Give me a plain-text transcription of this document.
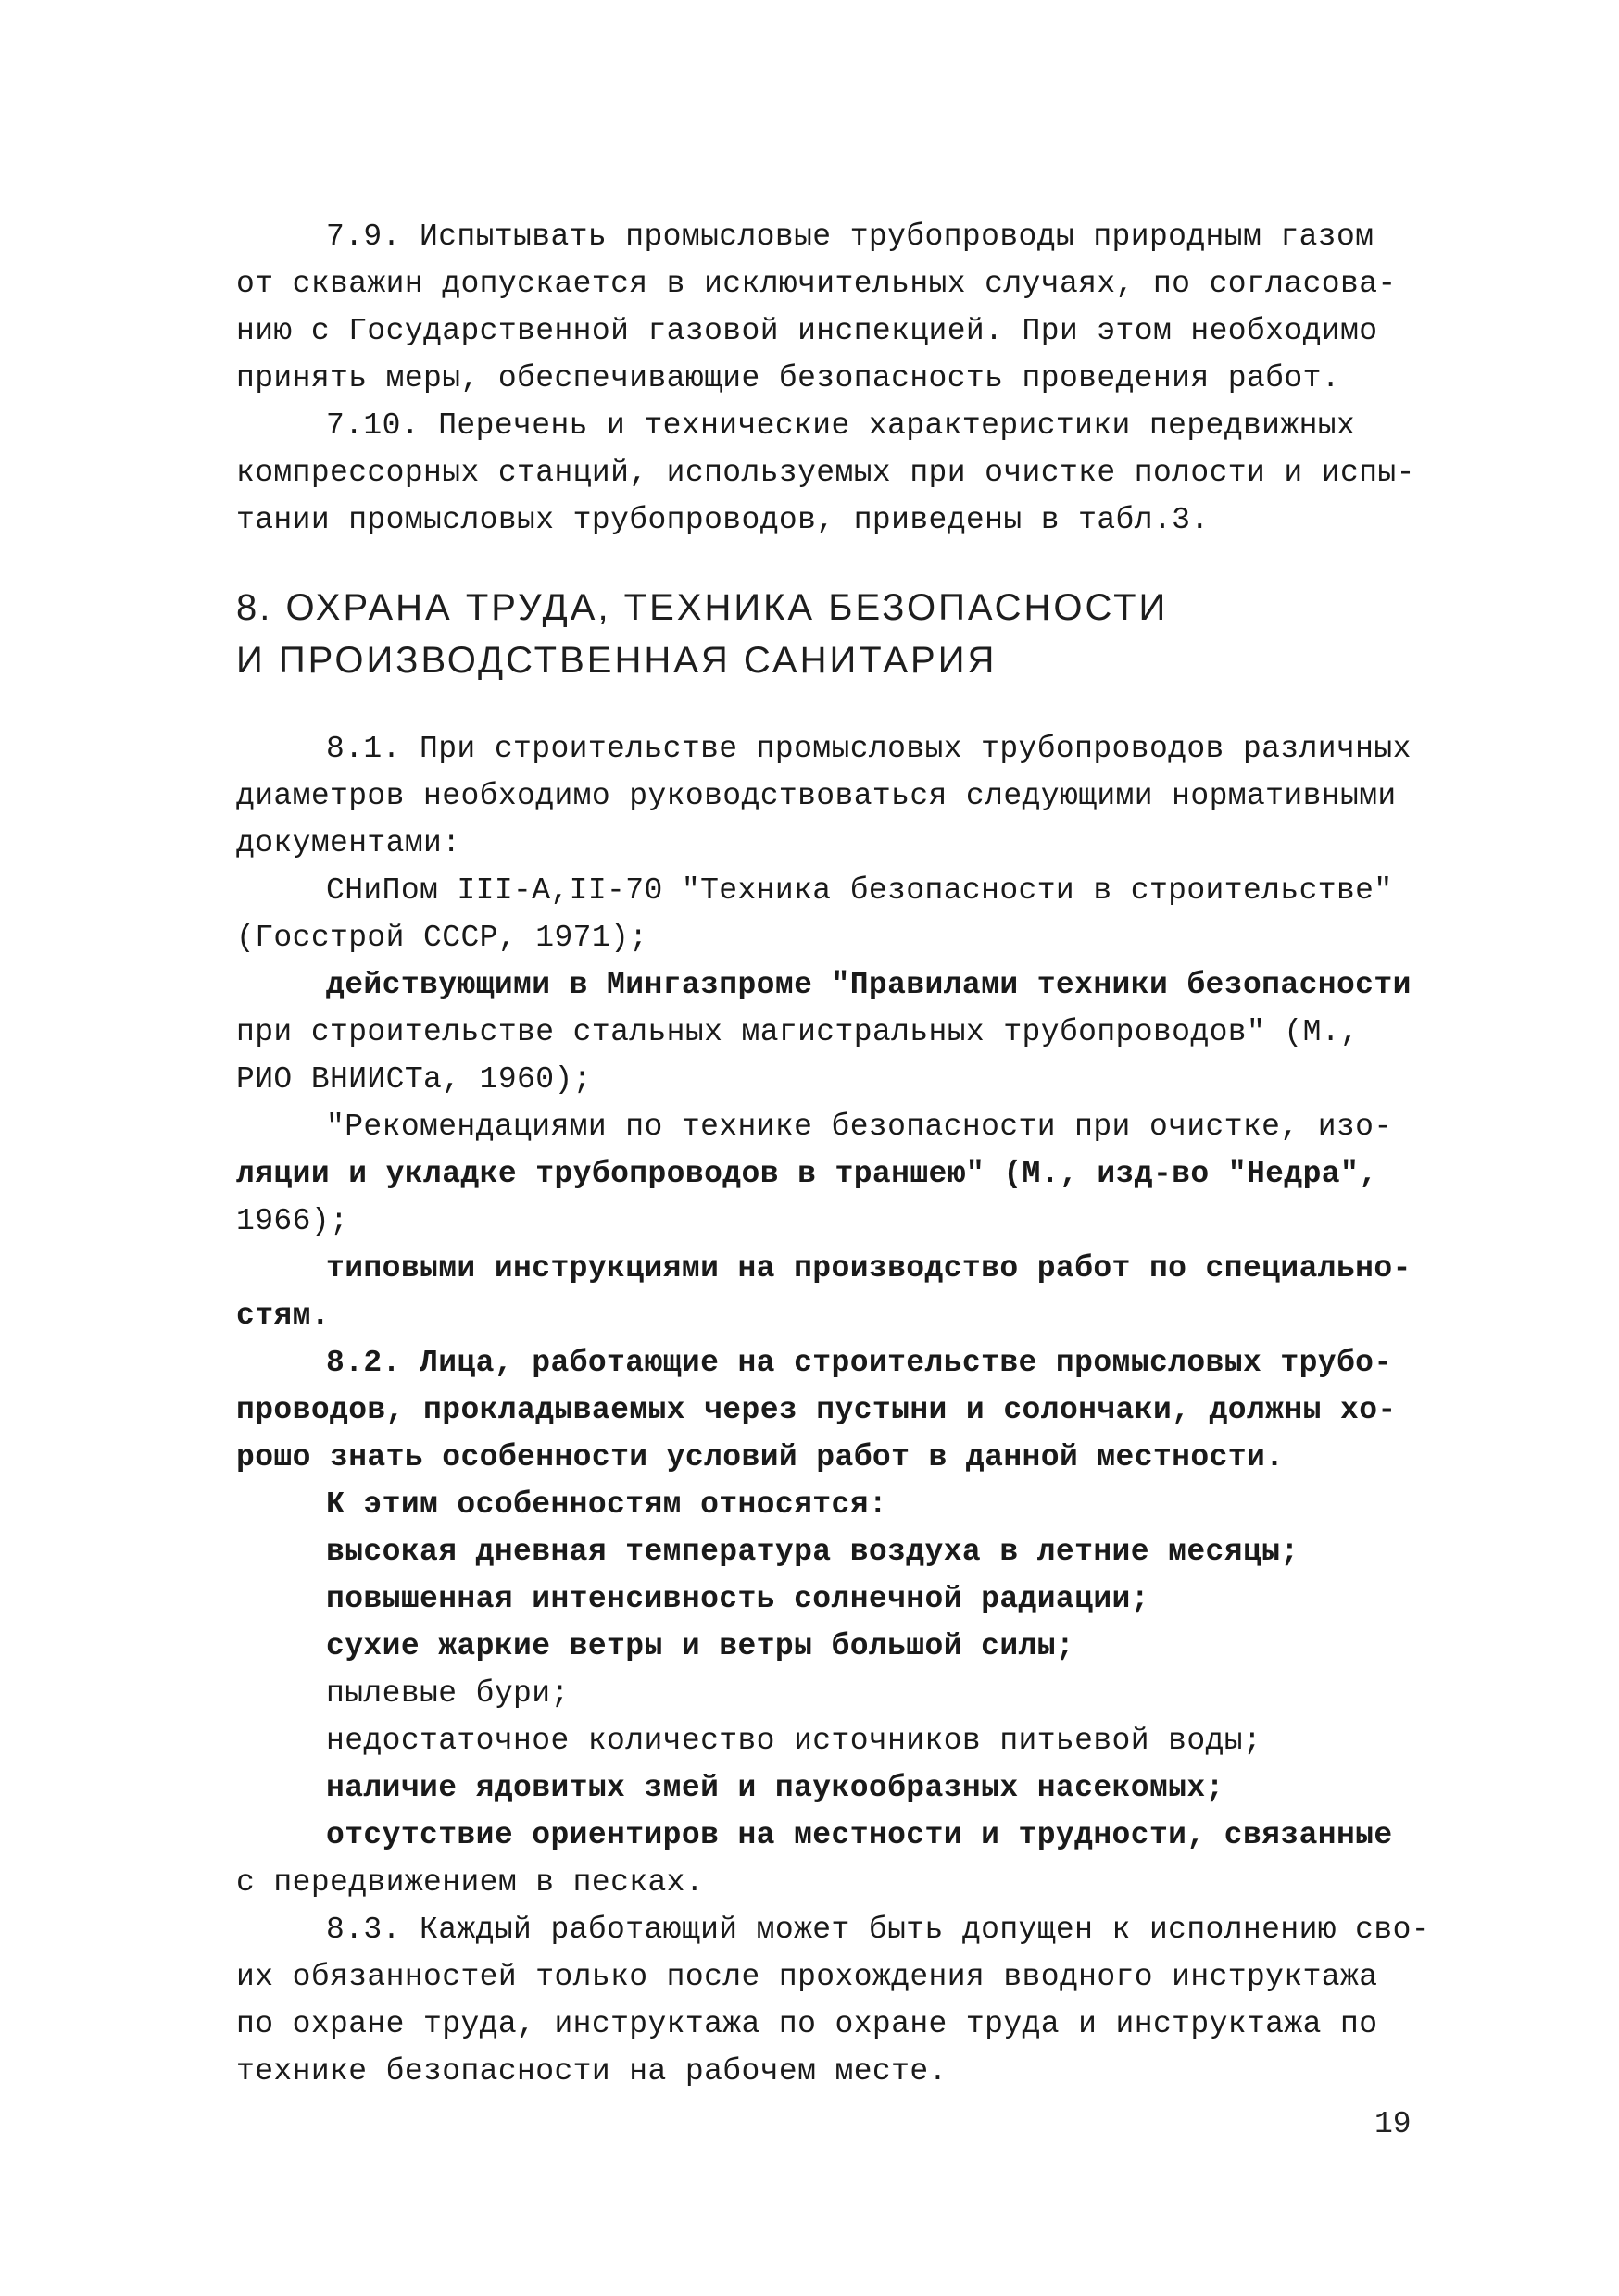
7.9. Испытывать промысловые трубопроводы природным газом
от скважин допускается в исключительных случаях, по согласова-
нию с Государственной газовой инспекцией. При этом необходимо
принять меры, обеспечивающие безопасность проведения работ.
7.10. Перечень и технические характеристики передвижных
компрессорных станций, используемых при очистке полости и испы-
тании промысловых трубопроводов, приведены в табл.3.
8. ОХРАНА ТРУДА, ТЕХНИКА БЕЗОПАСНОСТИ
И ПРОИЗВОДСТВЕННАЯ САНИТАРИЯ
8.1. При строительстве промысловых трубопроводов различных
диаметров необходимо руководствоваться следующими нормативными
документами:
СНиПом III-А,II-70 "Техника безопасности в строительстве"
(Госстрой СССР, 1971);
действующими в Мингазпроме "Правилами техники безопасности
при строительстве стальных магистральных трубопроводов" (М.,
РИО ВНИИСТа, 1960);
"Рекомендациями по технике безопасности при очистке, изо-
ляции и укладке трубопроводов в траншею" (М., изд-во "Недра",
1966);
типовыми инструкциями на производство работ по специально-
стям.
8.2. Лица, работающие на строительстве промысловых трубо-
проводов, прокладываемых через пустыни и солончаки, должны хо-
рошо знать особенности условий работ в данной местности.
К этим особенностям относятся:
высокая дневная температура воздуха в летние месяцы;
повышенная интенсивность солнечной радиации;
сухие жаркие ветры и ветры большой силы;
пылевые бури;
недостаточное количество источников питьевой воды;
наличие ядовитых змей и паукообразных насекомых;
отсутствие ориентиров на местности и трудности, связанные
с передвижением в песках.
8.3. Каждый работающий может быть допущен к исполнению сво-
их обязанностей только после прохождения вводного инструктажа
по охране труда, инструктажа по охране труда и инструктажа по
технике безопасности на рабочем месте.
19
